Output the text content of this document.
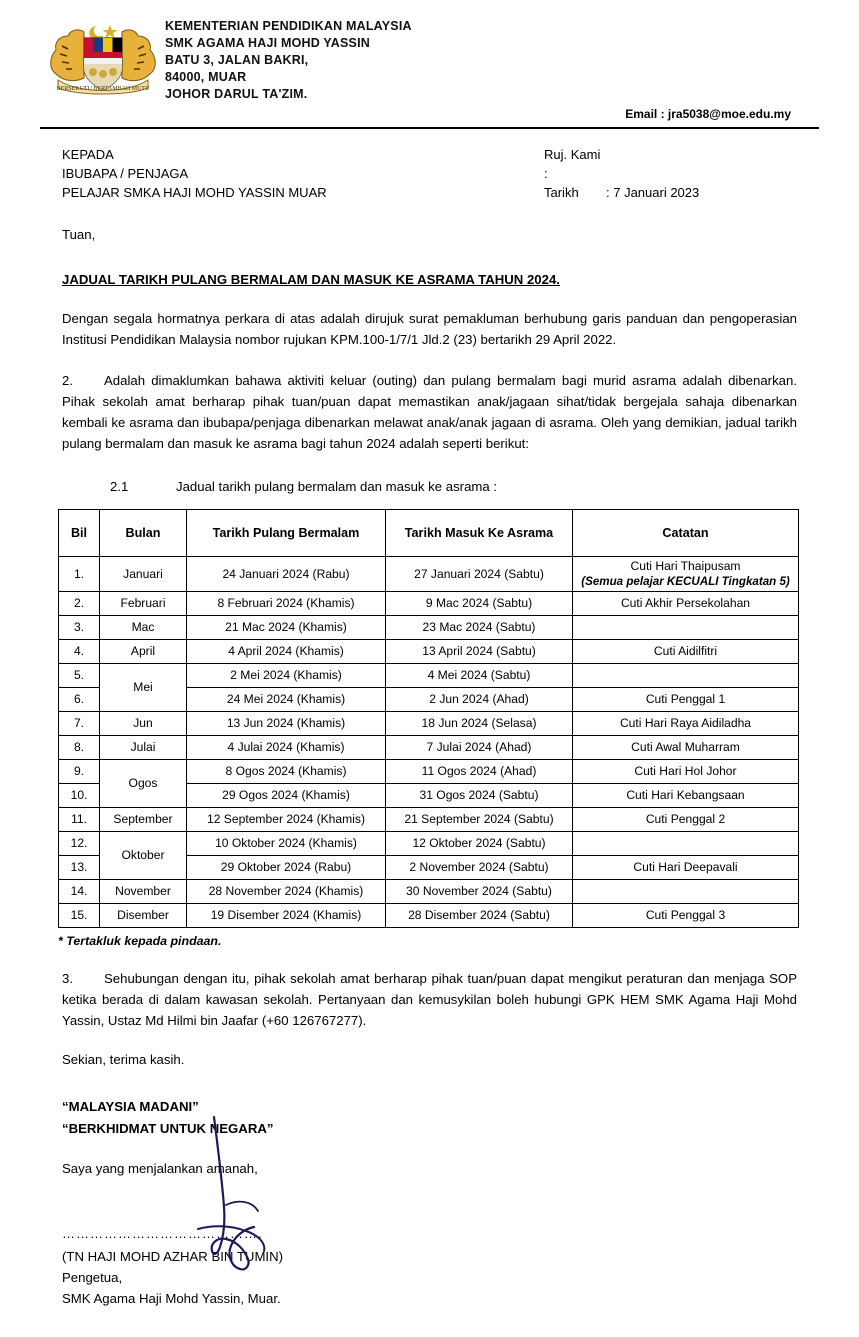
BERSEKUTU BERTAMBAH MUTU
KEMENTERIAN PENDIDIKAN MALAYSIA
SMK AGAMA HAJI MOHD YASSIN
BATU 3, JALAN BAKRI,
84000, MUAR
JOHOR DARUL TA'ZIM.
Email : jra5038@moe.edu.my
KEPADA
IBUBAPA / PENJAGA
PELAJAR SMKA HAJI MOHD YASSIN MUAR
Ruj. Kami :
Tarikh	: 7 Januari 2023
Tuan,
JADUAL TARIKH PULANG BERMALAM DAN MASUK KE ASRAMA TAHUN 2024.

Dengan segala hormatnya perkara di atas adalah dirujuk surat pemakluman berhubung garis panduan dan pengoperasian Institusi Pendidikan Malaysia nombor rujukan KPM.100-1/7/1 Jld.2 (23) bertarikh 29 April 2022.

2. Adalah dimaklumkan bahawa aktiviti keluar (outing) dan pulang bermalam bagi murid asrama adalah dibenarkan. Pihak sekolah amat berharap pihak tuan/puan dapat memastikan anak/jagaan sihat/tidak bergejala sahaja dibenarkan kembali ke asrama dan ibubapa/penjaga dibenarkan melawat anak/anak jagaan di asrama. Oleh yang demikian, jadual tarikh pulang bermalam dan masuk ke asrama bagi tahun 2024 adalah seperti berikut:
2.1	Jadual tarikh pulang bermalam dan masuk ke asrama :
Bil	Bulan	Tarikh Pulang Bermalam	Tarikh Masuk Ke Asrama	Catatan
1.	Januari	24 Januari 2024 (Rabu)	27 Januari 2024 (Sabtu)	Cuti Hari Thaipusam
(Semua pelajar KECUALI Tingkatan 5)

2.	Februari	8 Februari 2024 (Khamis)	9 Mac 2024 (Sabtu)	Cuti Akhir Persekolahan
3.	Mac	21 Mac 2024 (Khamis)	23 Mac 2024 (Sabtu)	
4.	April	4 April 2024 (Khamis)	13 April 2024 (Sabtu)	Cuti Aidilfitri
5.	Mei	2 Mei 2024 (Khamis)	4 Mei 2024 (Sabtu)	
6.		24 Mei 2024 (Khamis)	2 Jun 2024 (Ahad)	Cuti Penggal 1
7.	Jun	13 Jun 2024 (Khamis)	18 Jun 2024 (Selasa)	Cuti Hari Raya Aidiladha
8.	Julai	4 Julai 2024 (Khamis)	7 Julai 2024 (Ahad)	Cuti Awal Muharram
9.	Ogos	8 Ogos 2024 (Khamis)	11 Ogos 2024 (Ahad)	Cuti Hari Hol Johor
10.		29 Ogos 2024 (Khamis)	31 Ogos 2024 (Sabtu)	Cuti Hari Kebangsaan
11.	September	12 September 2024 (Khamis)	21 September 2024 (Sabtu)	Cuti Penggal 2
12.	Oktober	10 Oktober 2024 (Khamis)	12 Oktober 2024 (Sabtu)	
13.		29 Oktober 2024 (Rabu)	2 November 2024 (Sabtu)	Cuti Hari Deepavali
14.	November	28 November 2024 (Khamis)	30 November 2024 (Sabtu)	
15.	Disember	19 Disember 2024 (Khamis)	28 Disember 2024 (Sabtu)	Cuti Penggal 3
* Tertakluk kepada pindaan.
3. Sehubungan dengan itu, pihak sekolah amat berharap pihak tuan/puan dapat mengikut peraturan dan menjaga SOP ketika berada di dalam kawasan sekolah. Pertanyaan dan kemusykilan boleh hubungi GPK HEM SMK Agama Haji Mohd Yassin, Ustaz Md Hilmi bin Jaafar (+60 126767277).

Sekian, terima kasih.

“MALAYSIA MADANI”
“BERKHIDMAT UNTUK NEGARA”
Saya yang menjalankan amanah,
…………………………………….
(TN HAJI MOHD AZHAR BIN TUMIN)
Pengetua,
SMK Agama Haji Mohd Yassin, Muar.
